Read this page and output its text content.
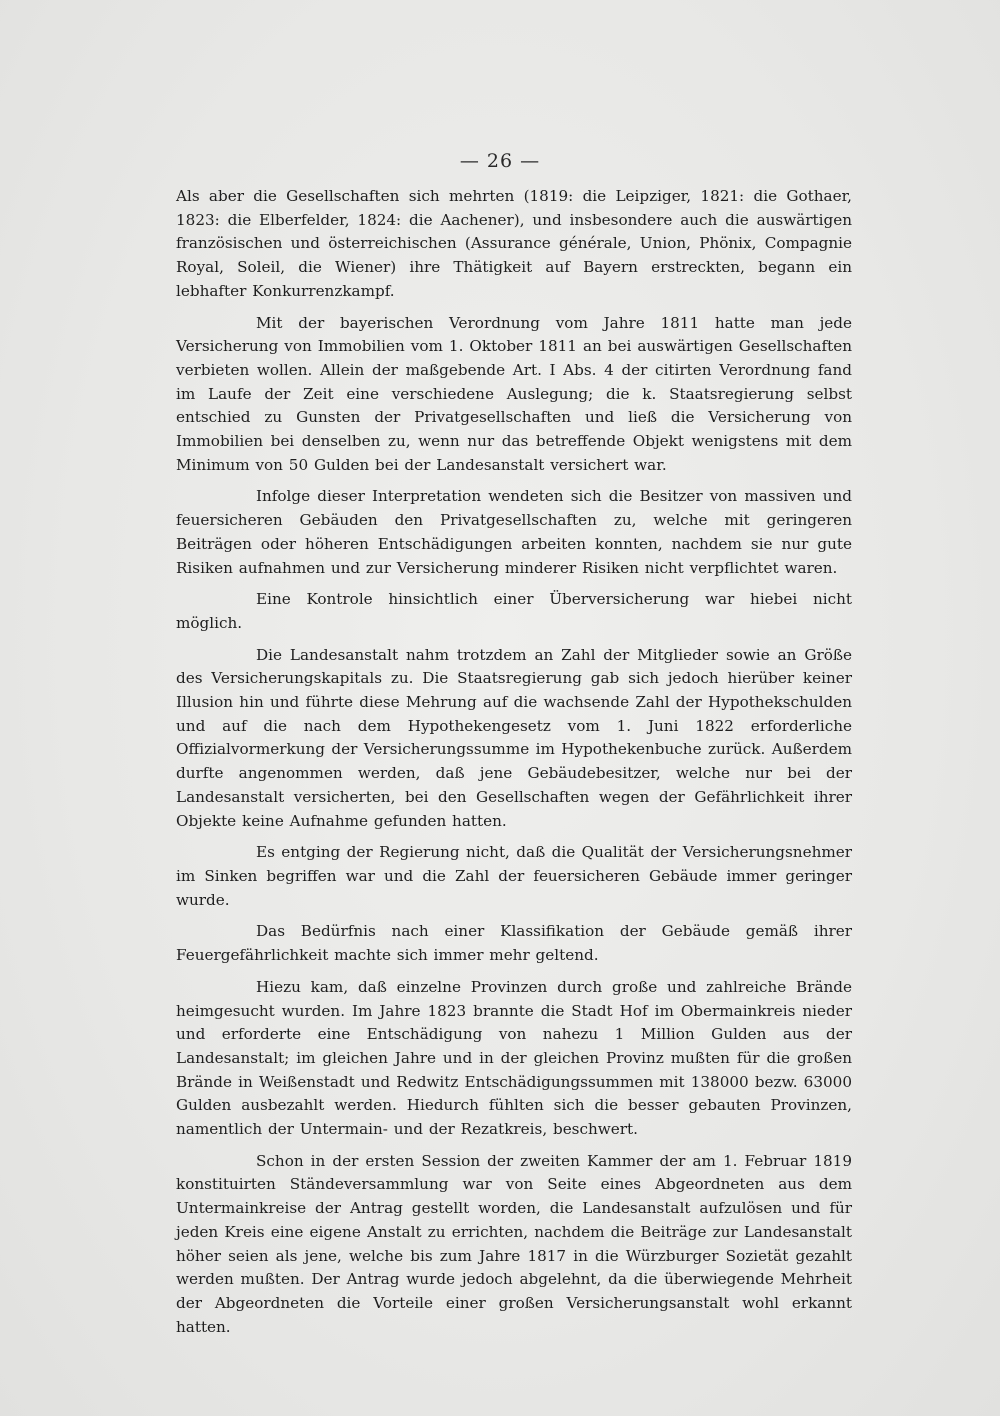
— 26 —

Als aber die Gesellschaften sich mehrten (1819: die Leipziger, 1821: die Gothaer, 1823: die Elberfelder, 1824: die Aachener), und insbesondere auch die auswärtigen französischen und österreichischen (Assurance générale, Union, Phönix, Compagnie Royal, Soleil, die Wiener) ihre Thätigkeit auf Bayern erstreckten, begann ein lebhafter Konkurrenzkampf.

Mit der bayerischen Verordnung vom Jahre 1811 hatte man jede Versicherung von Immobilien vom 1. Oktober 1811 an bei auswärtigen Gesellschaften verbieten wollen. Allein der maßgebende Art. I Abs. 4 der citirten Verordnung fand im Laufe der Zeit eine verschiedene Auslegung; die k. Staatsregierung selbst entschied zu Gunsten der Privatgesellschaften und ließ die Versicherung von Immobilien bei denselben zu, wenn nur das betreffende Objekt wenigstens mit dem Minimum von 50 Gulden bei der Landesanstalt versichert war.

Infolge dieser Interpretation wendeten sich die Besitzer von massiven und feuersicheren Gebäuden den Privatgesellschaften zu, welche mit geringeren Beiträgen oder höheren Entschädigungen arbeiten konnten, nachdem sie nur gute Risiken aufnahmen und zur Versicherung minderer Risiken nicht verpflichtet waren.

Eine Kontrole hinsichtlich einer Überversicherung war hiebei nicht möglich.

Die Landesanstalt nahm trotzdem an Zahl der Mitglieder sowie an Größe des Versicherungskapitals zu. Die Staatsregierung gab sich jedoch hierüber keiner Illusion hin und führte diese Mehrung auf die wachsende Zahl der Hypothekschulden und auf die nach dem Hypothekengesetz vom 1. Juni 1822 erforderliche Offizialvormerkung der Versicherungssumme im Hypothekenbuche zurück. Außerdem durfte angenommen werden, daß jene Gebäudebesitzer, welche nur bei der Landesanstalt versicherten, bei den Gesellschaften wegen der Gefährlichkeit ihrer Objekte keine Aufnahme gefunden hatten.

Es entging der Regierung nicht, daß die Qualität der Versicherungsnehmer im Sinken begriffen war und die Zahl der feuersicheren Gebäude immer geringer wurde.

Das Bedürfnis nach einer Klassifikation der Gebäude gemäß ihrer Feuergefährlichkeit machte sich immer mehr geltend.

Hiezu kam, daß einzelne Provinzen durch große und zahlreiche Brände heimgesucht wurden. Im Jahre 1823 brannte die Stadt Hof im Obermainkreis nieder und erforderte eine Entschädigung von nahezu 1 Million Gulden aus der Landesanstalt; im gleichen Jahre und in der gleichen Provinz mußten für die großen Brände in Weißenstadt und Redwitz Entschädigungssummen mit 138000 bezw. 63000 Gulden ausbezahlt werden. Hiedurch fühlten sich die besser gebauten Provinzen, namentlich der Untermain- und der Rezatkreis, beschwert.

Schon in der ersten Session der zweiten Kammer der am 1. Februar 1819 konstituirten Ständeversammlung war von Seite eines Abgeordneten aus dem Untermainkreise der Antrag gestellt worden, die Landesanstalt aufzulösen und für jeden Kreis eine eigene Anstalt zu errichten, nachdem die Beiträge zur Landesanstalt höher seien als jene, welche bis zum Jahre 1817 in die Würzburger Sozietät gezahlt werden mußten. Der Antrag wurde jedoch abgelehnt, da die überwiegende Mehrheit der Abgeordneten die Vorteile einer großen Versicherungsanstalt wohl erkannt hatten.
